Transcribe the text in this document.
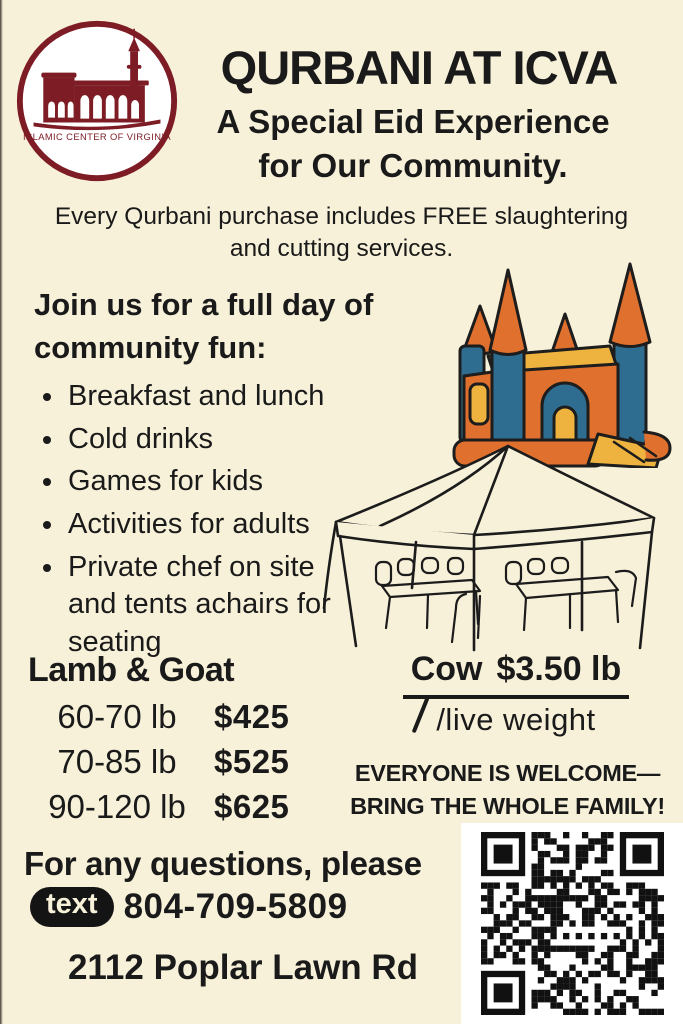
ISLAMIC CENTER OF VIRGINIA
QURBANI AT ICVA
A Special Eid Experience
for Our Community.
Every Qurbani purchase includes FREE slaughtering
and cutting services.
Join us for a full day of
community fun:
• Breakfast and lunch
• Cold drinks
• Games for kids
• Activities for adults
• Private chef on site and tents achairs for seating
Lamb & Goat
60-70 lb	$425
70-85 lb	$525
90-120 lb $625
Cow $3.50 lb
/live weight
EVERYONE IS WELCOME—
BRING THE WHOLE FAMILY!
For any questions, please
text 804-709-5809
2112 Poplar Lawn Rd
